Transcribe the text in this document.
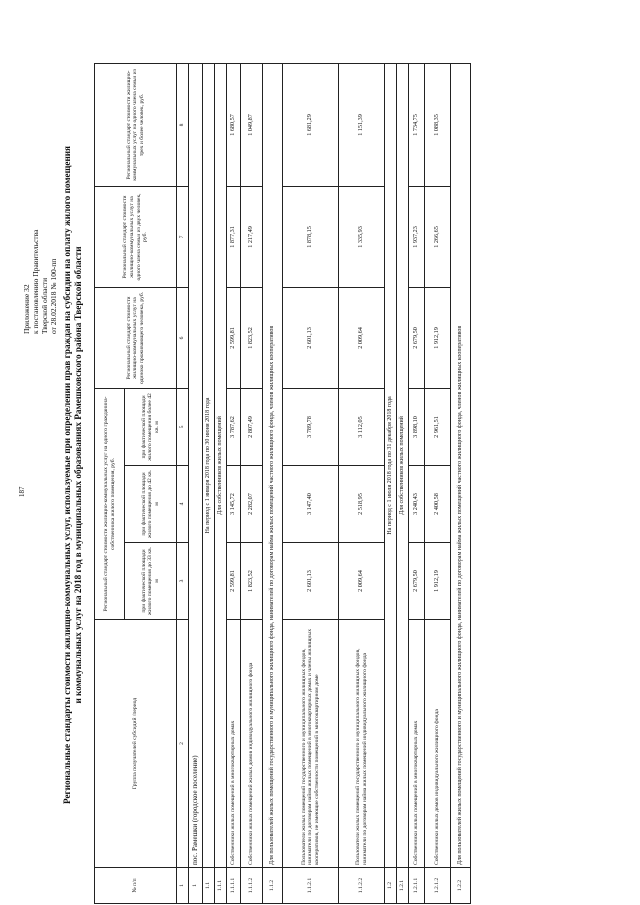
187
Приложение 32 к постановлению Правительства Тверской области от 28.02.2018 № 100-пп Региональные стандарты стоимости жилищно-коммунальных услуг, используемые при определении прав граждан на субсидии на оплату жилого помещения и коммунальных услуг на 2018 год в муниципальных образованиях Рамешковского района Тверской области
№ п/п	Группа получателей субсидий /период	Региональный стандарт стоимости жилищно-коммунальных услуг на одного гражданина-собственника жилого помещения, руб.			Региональный стандарт стоимости жилищно-коммунальных услуг на одиноко проживающего человека, руб.	Региональный стандарт стоимости жилищно-коммунальных услуг на одного члена семьи из двух человек, руб.	Региональный стандарт стоимости жилищно-коммунальных услуг на одного члена семьи из трех и более человек, руб.
		при фактической площади жилого помещения до 33 кв. м	при фактической площади жилого помещения до 42 кв. м	при фактической площади жилого помещения более 42 кв. м			
1	2	3	4	5	6	7	8
1	пос. Рамешки (городское поселение)						
1.1	На период с 1 января 2018 года по 30 июня 2018 года						
1.1.1	Для собственников жилых помещений						
1.1.1.1	Собственники жилых помещений в многоквартирных домах	2 599,81	3 145,72	3 787,62	2 599,81	1 877,31	1 680,57
1.1.1.2	Собственники жилых помещений жилых домов индивидуального жилищного фонда	1 823,52	2 282,07	2 807,49	1 823,52	1 217,49	1 049,87
1.1.2	Для пользователей жилых помещений государственного и муниципального жилищного фонда, нанимателей по договорам найма жилых помещений частного жилищного фонда, членов жилищных кооперативов						
1.1.2.1	Пользователи жилых помещений государственного и муниципального жилищных фондов, наниматели по договорам найма жилых помещений в многоквартирных домах и члены жилищных кооперативов, не имеющие собственности помещений в многоквартирном доме	2 601,13	3 147,40	3 789,78	2 601,13	1 878,15	1 681,29
1.1.2.2	Пользователи жилых помещений государственного и муниципального жилищных фондов, наниматели по договорам найма жилых помещений индивидуального жилищного фонда	2 009,64	2 518,95	3 112,05	2 009,64	1 335,93	1 151,39
1.2	На период с 1 июля 2018 года по 31 декабря 2018 года						
1.2.1	Для собственников жилых помещений						
1.2.1.1	Собственники жилых помещений в многоквартирных домах	2 679,50	3 240,43	3 898,10	2 679,50	1 937,23	1 734,75
1.2.1.2	Собственники жилых домов индивидуального жилищного фонда	1 912,19	2 400,58	2 961,51	1 912,19	1 266,65	1 088,35
1.2.2	Для пользователей жилых помещений государственного и муниципального жилищного фонда, нанимателей по договорам найма жилых помещений частного жилищного фонда, членов жилищных кооперативов						
